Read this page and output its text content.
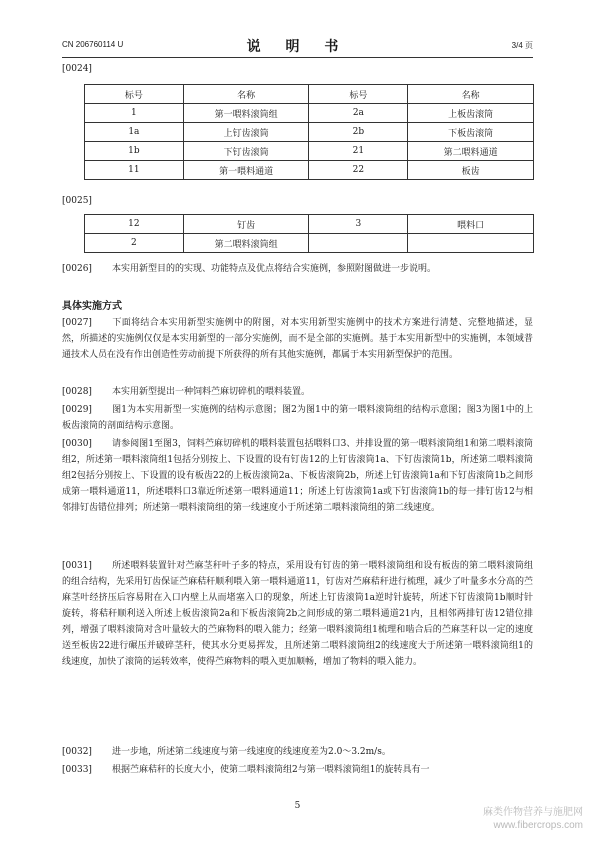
CN 206760114 U	说 明 书	3/4 页
[0024]
标号	名称	标号	名称
1	第一喂料滚筒组	2a	上板齿滚筒
1a	上钉齿滚筒	2b	下板齿滚筒
1b	下钉齿滚筒	21	第二喂料通道
11	第一喂料通道	22	板齿
[0025]
12	钉齿	3	喂料口
2	第二喂料滚筒组		
[0026] 本实用新型目的的实现、功能特点及优点将结合实施例，参照附图做进一步说明。
具体实施方式
[0027] 下面将结合本实用新型实施例中的附图，对本实用新型实施例中的技术方案进行清楚、完整地描述，显然，所描述的实施例仅仅是本实用新型的一部分实施例，而不是全部的实施例。基于本实用新型中的实施例，本领域普通技术人员在没有作出创造性劳动前提下所获得的所有其他实施例，都属于本实用新型保护的范围。
[0028] 本实用新型提出一种饲料苎麻切碎机的喂料装置。
[0029] 图1为本实用新型一实施例的结构示意图；图2为图1中的第一喂料滚筒组的结构示意图；图3为图1中的上板齿滚筒的剖面结构示意图。
[0030] 请参阅图1至图3，饲料苎麻切碎机的喂料装置包括喂料口3、并排设置的第一喂料滚筒组1和第二喂料滚筒组2，所述第一喂料滚筒组1包括分别按上、下设置的设有钉齿12的上钉齿滚筒1a、下钉齿滚筒1b，所述第二喂料滚筒组2包括分别按上、下设置的设有板齿22的上板齿滚筒2a、下板齿滚筒2b，所述上钉齿滚筒1a和下钉齿滚筒1b之间形成第一喂料通道11，所述喂料口3靠近所述第一喂料通道11；所述上钉齿滚筒1a或下钉齿滚筒1b的每一排钉齿12与相邻排钉齿错位排列；所述第一喂料滚筒组的第一线速度小于所述第二喂料滚筒组的第二线速度。
[0031] 所述喂料装置针对苎麻茎秆叶子多的特点，采用设有钉齿的第一喂料滚筒组和设有板齿的第二喂料滚筒组的组合结构，先采用钉齿保证苎麻秸秆顺利喂入第一喂料通道11，钉齿对苎麻秸秆进行梳理，减少了叶量多水分高的苎麻茎叶经挤压后容易附在入口内壁上从而堵塞入口的现象，所述上钉齿滚筒1a逆时针旋转，所述下钉齿滚筒1b顺时针旋转，将秸秆顺利送入所述上板齿滚筒2a和下板齿滚筒2b之间形成的第二喂料通道21内，且相邻两排钉齿12错位排列，增强了喂料滚筒对含叶量较大的苎麻物料的喂入能力；经第一喂料滚筒组1梳理和啮合后的苎麻茎秆以一定的速度送至板齿22进行碾压并破碎茎秆，使其水分更易挥发，且所述第二喂料滚筒组2的线速度大于所述第一喂料滚筒组1的线速度，加快了滚筒的运转效率，使得苎麻物料的喂入更加顺畅，增加了物料的喂入能力。
[0032] 进一步地，所述第二线速度与第一线速度的线速度差为2.0～3.2m/s。
[0033] 根据苎麻秸秆的长度大小，使第二喂料滚筒组2与第一喂料滚筒组1的旋转具有一
5
麻类作物营养与施肥网
www.fibercrops.com
